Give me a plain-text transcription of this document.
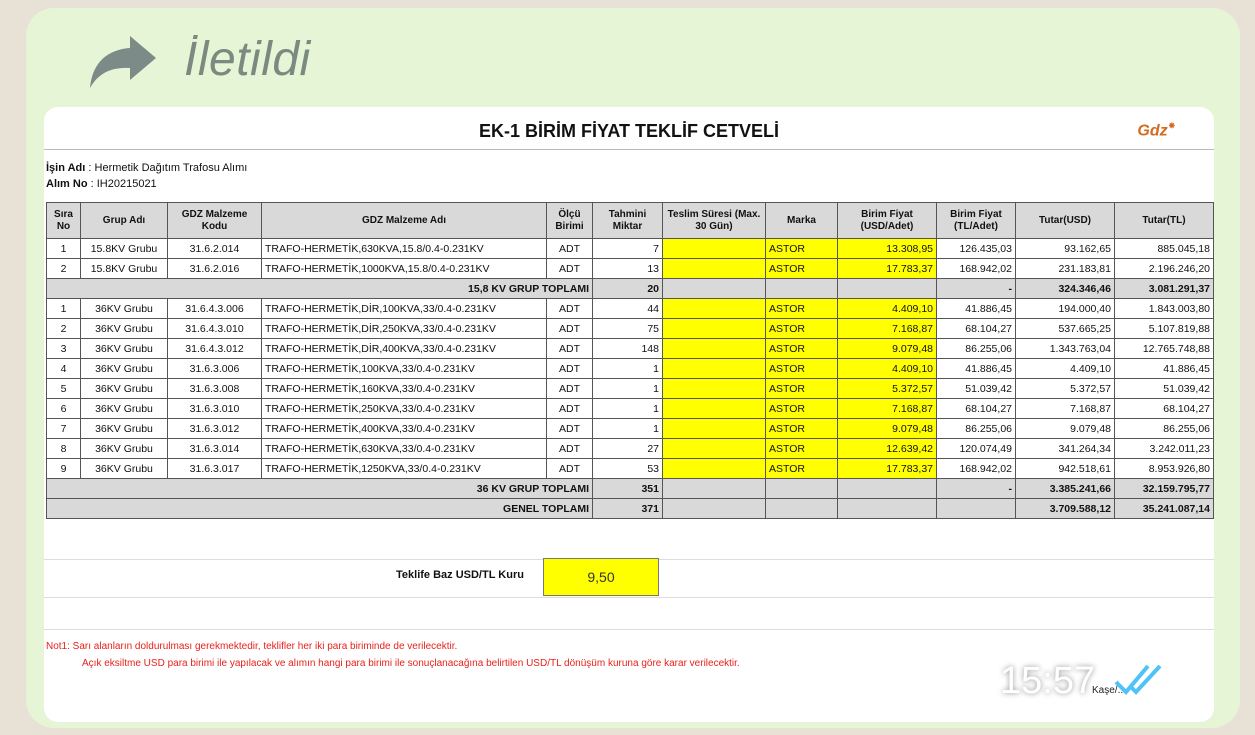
İletildi
EK-1 BİRİM FİYAT TEKLİF CETVELİ	Gdz⁕
İşin Adı : Hermetik Dağıtım Trafosu Alımı
Alım No : IH20215021
Sıra No	Grup Adı	GDZ Malzeme Kodu	GDZ Malzeme Adı	Ölçü Birimi	Tahmini Miktar	Teslim Süresi (Max. 30 Gün)	Marka	Birim Fiyat (USD/Adet)	Birim Fiyat (TL/Adet)	Tutar(USD)	Tutar(TL)
1	15.8KV Grubu	31.6.2.014	TRAFO-HERMETİK,630KVA,15.8/0.4-0.231KV	ADT	7		ASTOR	13.308,95	126.435,03	93.162,65	885.045,18
2	15.8KV Grubu	31.6.2.016	TRAFO-HERMETİK,1000KVA,15.8/0.4-0.231KV	ADT	13		ASTOR	17.783,37	168.942,02	231.183,81	2.196.246,20
15,8 KV GRUP TOPLAMI					20				-	324.346,46	3.081.291,37
1	36KV Grubu	31.6.4.3.006	TRAFO-HERMETİK,DİR,100KVA,33/0.4-0.231KV	ADT	44		ASTOR	4.409,10	41.886,45	194.000,40	1.843.003,80
2	36KV Grubu	31.6.4.3.010	TRAFO-HERMETİK,DİR,250KVA,33/0.4-0.231KV	ADT	75		ASTOR	7.168,87	68.104,27	537.665,25	5.107.819,88
3	36KV Grubu	31.6.4.3.012	TRAFO-HERMETİK,DİR,400KVA,33/0.4-0.231KV	ADT	148		ASTOR	9.079,48	86.255,06	1.343.763,04	12.765.748,88
4	36KV Grubu	31.6.3.006	TRAFO-HERMETİK,100KVA,33/0.4-0.231KV	ADT	1		ASTOR	4.409,10	41.886,45	4.409,10	41.886,45
5	36KV Grubu	31.6.3.008	TRAFO-HERMETİK,160KVA,33/0.4-0.231KV	ADT	1		ASTOR	5.372,57	51.039,42	5.372,57	51.039,42
6	36KV Grubu	31.6.3.010	TRAFO-HERMETİK,250KVA,33/0.4-0.231KV	ADT	1		ASTOR	7.168,87	68.104,27	7.168,87	68.104,27
7	36KV Grubu	31.6.3.012	TRAFO-HERMETİK,400KVA,33/0.4-0.231KV	ADT	1		ASTOR	9.079,48	86.255,06	9.079,48	86.255,06
8	36KV Grubu	31.6.3.014	TRAFO-HERMETİK,630KVA,33/0.4-0.231KV	ADT	27		ASTOR	12.639,42	120.074,49	341.264,34	3.242.011,23
9	36KV Grubu	31.6.3.017	TRAFO-HERMETİK,1250KVA,33/0.4-0.231KV	ADT	53		ASTOR	17.783,37	168.942,02	942.518,61	8.953.926,80
36 KV GRUP TOPLAMI					351				-	3.385.241,66	32.159.795,77
GENEL TOPLAMI					371					3.709.588,12	35.241.087,14
Teklife Baz USD/TL Kuru	9,50
Not1: Sarı alanların doldurulması gerekmektedir, teklifler her iki para biriminde de verilecektir.
Açık eksiltme USD para birimi ile yapılacak ve alımın hangi para birimi ile sonuçlanacağına belirtilen USD/TL dönüşüm kuruna göre karar verilecektir.
Kaşe/...
15:57
